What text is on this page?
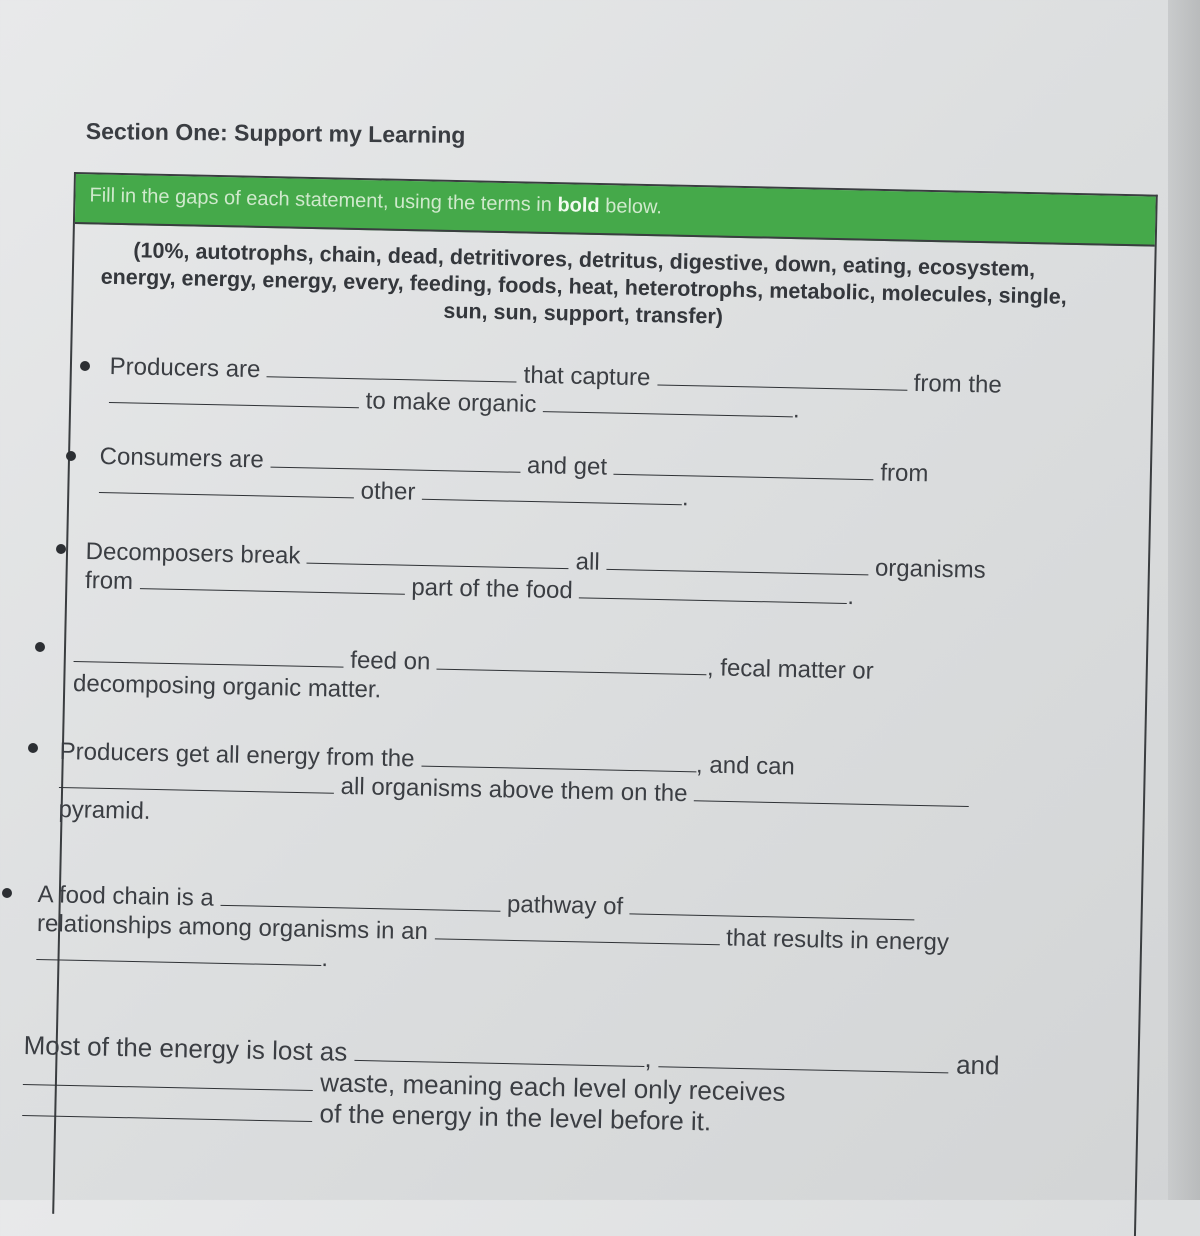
Section One: Support my Learning
Fill in the gaps of each statement, using the terms in bold below.
(10%, autotrophs, chain, dead, detritivores, detritus, digestive, down, eating, ecosystem, energy, energy, energy, every, feeding, foods, heat, heterotrophs, metabolic, molecules, single, sun, sun, support, transfer)
Producers are	that capture	from the
to make organic	.
Consumers are	and get	from
other	.
Decomposers break	all	organisms
from	part of the food	.
feed on	, fecal matter or
decomposing organic matter.
Producers get all energy from the	, and can
all organisms above them on the
pyramid.
A food chain is a	pathway of
relationships among organisms in an	that results in energy
.
Most of the energy is lost as	,	and
waste, meaning each level only receives
of the energy in the level before it.
